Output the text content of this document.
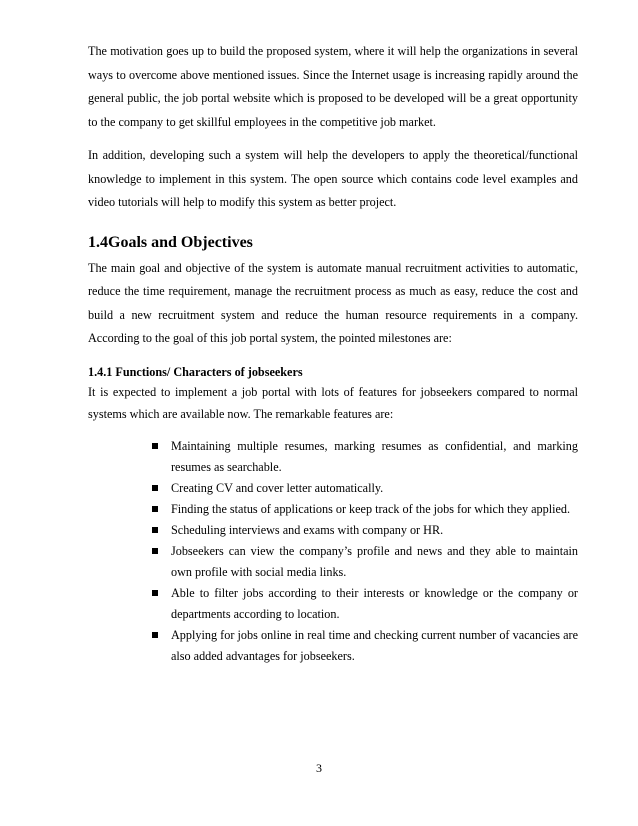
The motivation goes up to build the proposed system, where it will help the organizations in several ways to overcome above mentioned issues. Since the Internet usage is increasing rapidly around the general public, the job portal website which is proposed to be developed will be a great opportunity to the company to get skillful employees in the competitive job market.

In addition, developing such a system will help the developers to apply the theoretical/functional knowledge to implement in this system. The open source which contains code level examples and video tutorials will help to modify this system as better project.

1.4Goals and Objectives

The main goal and objective of the system is automate manual recruitment activities to automatic, reduce the time requirement, manage the recruitment process as much as easy, reduce the cost and build a new recruitment system and reduce the human resource requirements in a company. According to the goal of this job portal system, the pointed milestones are:

1.4.1 Functions/ Characters of jobseekers

It is expected to implement a job portal with lots of features for jobseekers compared to normal systems which are available now. The remarkable features are:

Maintaining multiple resumes, marking resumes as confidential, and marking resumes as searchable.
Creating CV and cover letter automatically.
Finding the status of applications or keep track of the jobs for which they applied.
Scheduling interviews and exams with company or HR.
Jobseekers can view the company’s profile and news and they able to maintain own profile with social media links.
Able to filter jobs according to their interests or knowledge or the company or departments according to location.
Applying for jobs online in real time and checking current number of vacancies are also added advantages for jobseekers.
3
